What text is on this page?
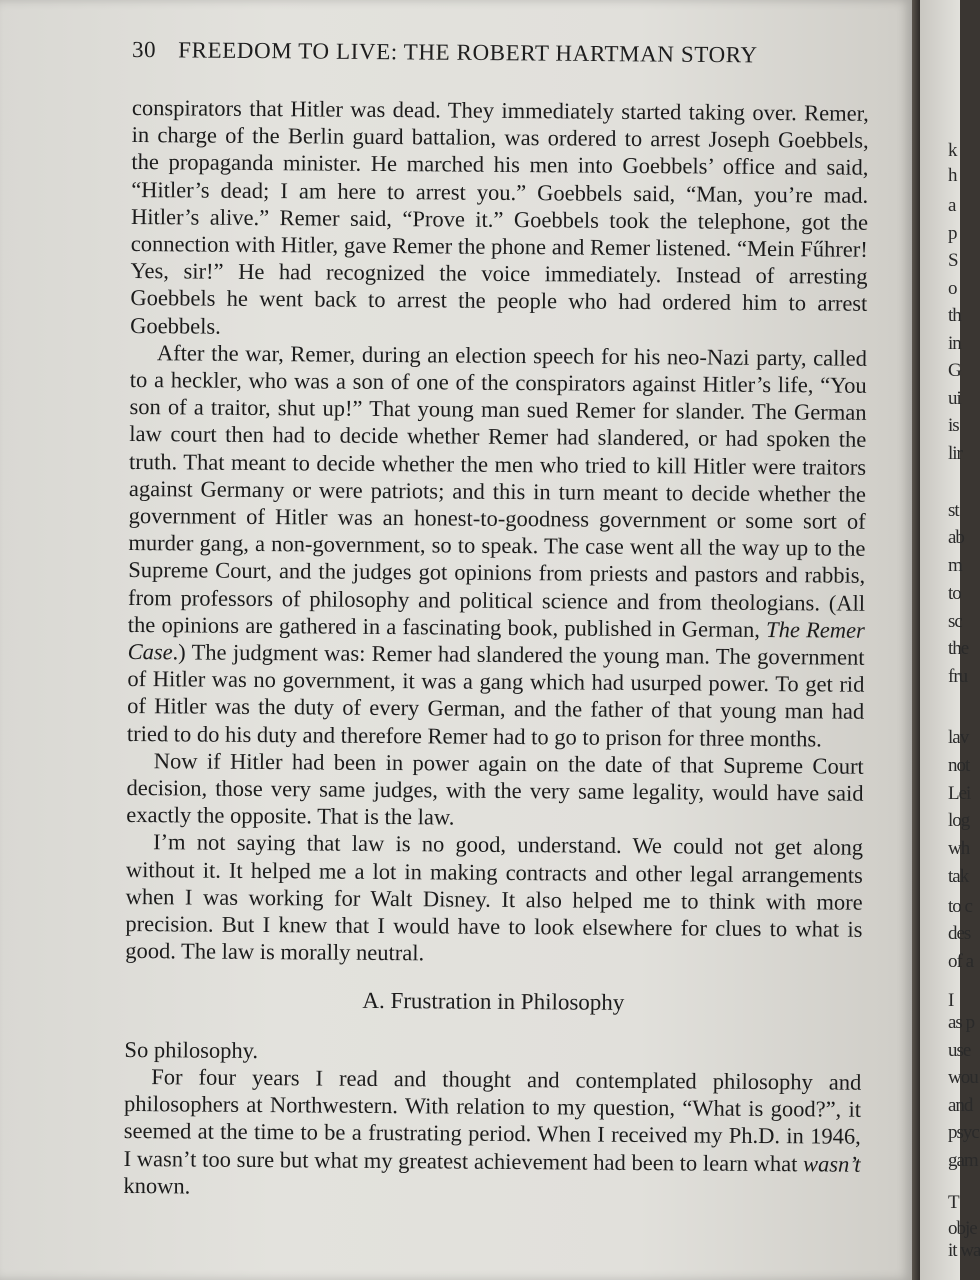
30 FREEDOM TO LIVE: THE ROBERT HARTMAN STORY

conspirators that Hitler was dead. They immediately started taking over. Remer, in charge of the Berlin guard battalion, was ordered to arrest Joseph Goebbels, the propaganda minister. He marched his men into Goebbels’ office and said, “Hitler’s dead; I am here to arrest you.” Goebbels said, “Man, you’re mad. Hitler’s alive.” Remer said, “Prove it.” Goebbels took the telephone, got the connection with Hitler, gave Remer the phone and Remer listened. “Mein Fűhrer! Yes, sir!” He had recognized the voice immediately. Instead of arresting Goebbels he went back to arrest the people who had ordered him to arrest Goebbels.

After the war, Remer, during an election speech for his neo-Nazi party, called to a heckler, who was a son of one of the conspirators against Hitler’s life, “You son of a traitor, shut up!” That young man sued Remer for slander. The German law court then had to decide whether Remer had slandered, or had spoken the truth. That meant to decide whether the men who tried to kill Hitler were traitors against Germany or were patriots; and this in turn meant to decide whether the government of Hitler was an honest-to-goodness government or some sort of murder gang, a non-government, so to speak. The case went all the way up to the Supreme Court, and the judges got opinions from priests and pastors and rabbis, from professors of philosophy and political science and from theologians. (All the opinions are gathered in a fascinating book, published in German, The Remer Case.) The judgment was: Remer had slandered the young man. The government of Hitler was no government, it was a gang which had usurped power. To get rid of Hitler was the duty of every German, and the father of that young man had tried to do his duty and therefore Remer had to go to prison for three months.

Now if Hitler had been in power again on the date of that Supreme Court decision, those very same judges, with the very same legality, would have said exactly the opposite. That is the law.

I’m not saying that law is no good, understand. We could not get along without it. It helped me a lot in making contracts and other legal arrangements when I was working for Walt Disney. It also helped me to think with more precision. But I knew that I would have to look elsewhere for clues to what is good. The law is morally neutral.

A. Frustration in Philosophy

So philosophy.

For four years I read and thought and contemplated philosophy and philosophers at Northwestern. With relation to my question, “What is good?”, it seemed at the time to be a frustrating period. When I received my Ph.D. in 1946, I wasn’t too sure but what my greatest achievement had been to learn what wasn’t known.

k
h
a
p
S
o
th
in
G
ui
is
lir
st
ab
m
to
sc
the
fru
lav
not
Lei
log
wh
tak
to c
des
of a
I
as p
use
wou
and
psyc
gam
T
obje
it wa
